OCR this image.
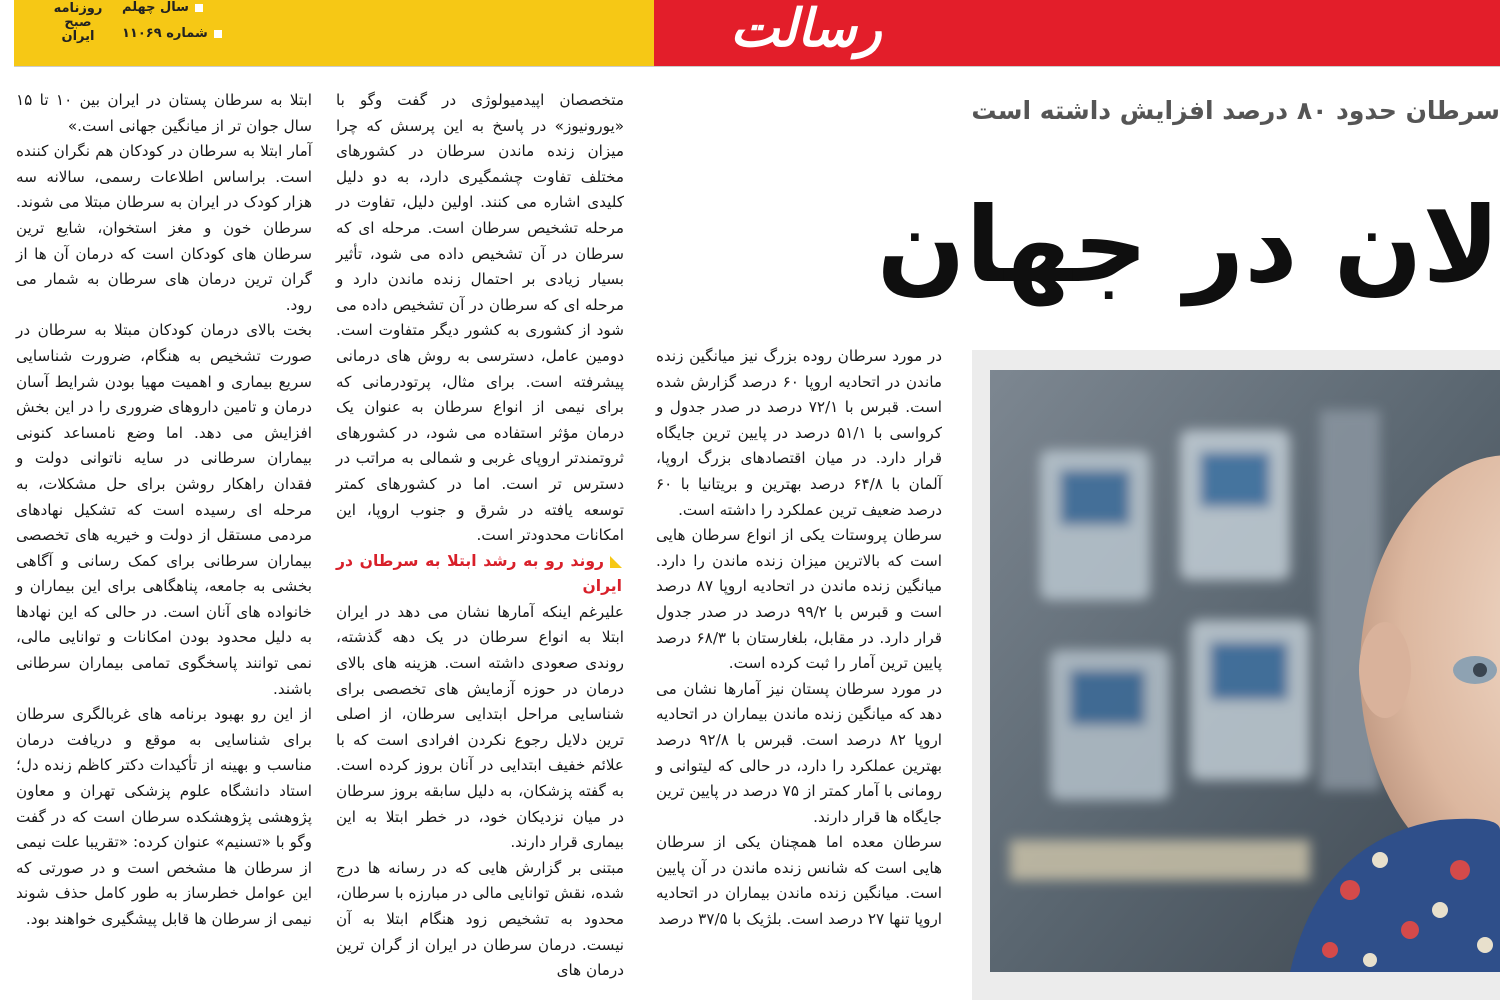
روزنامه
صبح
ایران
سال چهلم
شماره ۱۱۰۶۹	رسالت

ابتلا به سرطان پستان در ایران بین ۱۰ تا ۱۵ سال جوان تر از میانگین جهانی است.»

آمار ابتلا به سرطان در کودکان هم نگران کننده است. براساس اطلاعات رسمی، سالانه سه هزار کودک در ایران به سرطان مبتلا می شوند. سرطان خون و مغز استخوان، شایع ترین سرطان های کودکان است که درمان آن ها از گران ترین درمان های سرطان به شمار می رود.

بخت بالای درمان کودکان مبتلا به سرطان در صورت تشخیص به هنگام، ضرورت شناسایی سریع بیماری و اهمیت مهیا بودن شرایط آسان درمان و تامین داروهای ضروری را در این بخش افزایش می دهد. اما وضع نامساعد کنونی بیماران سرطانی در سایه ناتوانی دولت و فقدان راهکار روشن برای حل مشکلات، به مرحله ای رسیده است که تشکیل نهادهای مردمی مستقل از دولت و خیریه های تخصصی بیماران سرطانی برای کمک رسانی و آگاهی بخشی به جامعه، پناهگاهی برای این بیماران و خانواده های آنان است. در حالی که این نهادها به دلیل محدود بودن امکانات و توانایی مالی، نمی توانند پاسخگوی تمامی بیماران سرطانی باشند.

از این رو بهبود برنامه های غربالگری سرطان برای شناسایی به موقع و دریافت درمان مناسب و بهینه از تأکیدات دکتر کاظم زنده دل؛ استاد دانشگاه علوم پزشکی تهران و معاون پژوهشی پژوهشکده سرطان است که در گفت وگو با «تسنیم» عنوان کرده: «تقریبا علت نیمی از سرطان ها مشخص است و در صورتی که این عوامل خطرساز به طور کامل حذف شوند نیمی از سرطان ها قابل پیشگیری خواهند بود.

متخصصان اپیدمیولوژی در گفت وگو با «یورونیوز» در پاسخ به این پرسش که چرا میزان زنده ماندن سرطان در کشورهای مختلف تفاوت چشمگیری دارد، به دو دلیل کلیدی اشاره می کنند. اولین دلیل، تفاوت در مرحله تشخیص سرطان است. مرحله ای که سرطان در آن تشخیص داده می شود، تأثیر بسیار زیادی بر احتمال زنده ماندن دارد و مرحله ای که سرطان در آن تشخیص داده می شود از کشوری به کشور دیگر متفاوت است. دومین عامل، دسترسی به روش های درمانی پیشرفته است. برای مثال، پرتودرمانی که برای نیمی از انواع سرطان به عنوان یک درمان مؤثر استفاده می شود، در کشورهای ثروتمندتر اروپای غربی و شمالی به مراتب در دسترس تر است. اما در کشورهای کمتر توسعه یافته در شرق و جنوب اروپا، این امکانات محدودتر است.

روند رو به رشد ابتلا به سرطان در ایران

علیرغم اینکه آمارها نشان می دهد در ایران ابتلا به انواع سرطان در یک دهه گذشته، روندی صعودی داشته است. هزینه های بالای درمان در حوزه آزمایش های تخصصی برای شناسایی مراحل ابتدایی سرطان، از اصلی ترین دلایل رجوع نکردن افرادی است که با علائم خفیف ابتدایی در آنان بروز کرده است. به گفته پزشکان، به دلیل سابقه بروز سرطان در میان نزدیکان خود، در خطر ابتلا به این بیماری قرار دارند.

مبتنی بر گزارش هایی که در رسانه ها درج شده، نقش توانایی مالی در مبارزه با سرطان، محدود به تشخیص زود هنگام ابتلا به آن نیست. درمان سرطان در ایران از گران ترین درمان های

در مورد سرطان روده بزرگ نیز میانگین زنده ماندن در اتحادیه اروپا ۶۰ درصد گزارش شده است. قبرس با ۷۲/۱ درصد در صدر جدول و کرواسی با ۵۱/۱ درصد در پایین ترین جایگاه قرار دارد. در میان اقتصادهای بزرگ اروپا، آلمان با ۶۴/۸ درصد بهترین و بریتانیا با ۶۰ درصد ضعیف ترین عملکرد را داشته است.

سرطان پروستات یکی از انواع سرطان هایی است که بالاترین میزان زنده ماندن را دارد. میانگین زنده ماندن در اتحادیه اروپا ۸۷ درصد است و قبرس با ۹۹/۲ درصد در صدر جدول قرار دارد. در مقابل، بلغارستان با ۶۸/۳ درصد پایین ترین آمار را ثبت کرده است.

در مورد سرطان پستان نیز آمارها نشان می دهد که میانگین زنده ماندن بیماران در اتحادیه اروپا ۸۲ درصد است. قبرس با ۹۲/۸ درصد بهترین عملکرد را دارد، در حالی که لیتوانی و رومانی با آمار کمتر از ۷۵ درصد در پایین ترین جایگاه ها قرار دارند.

سرطان معده اما همچنان یکی از سرطان هایی است که شانس زنده ماندن در آن پایین است. میانگین زنده ماندن بیماران در اتحادیه اروپا تنها ۲۷ درصد است. بلژیک با ۳۷/۵ درصد

سرطان حدود ۸۰ درصد افزایش داشته است
لان در جهان
